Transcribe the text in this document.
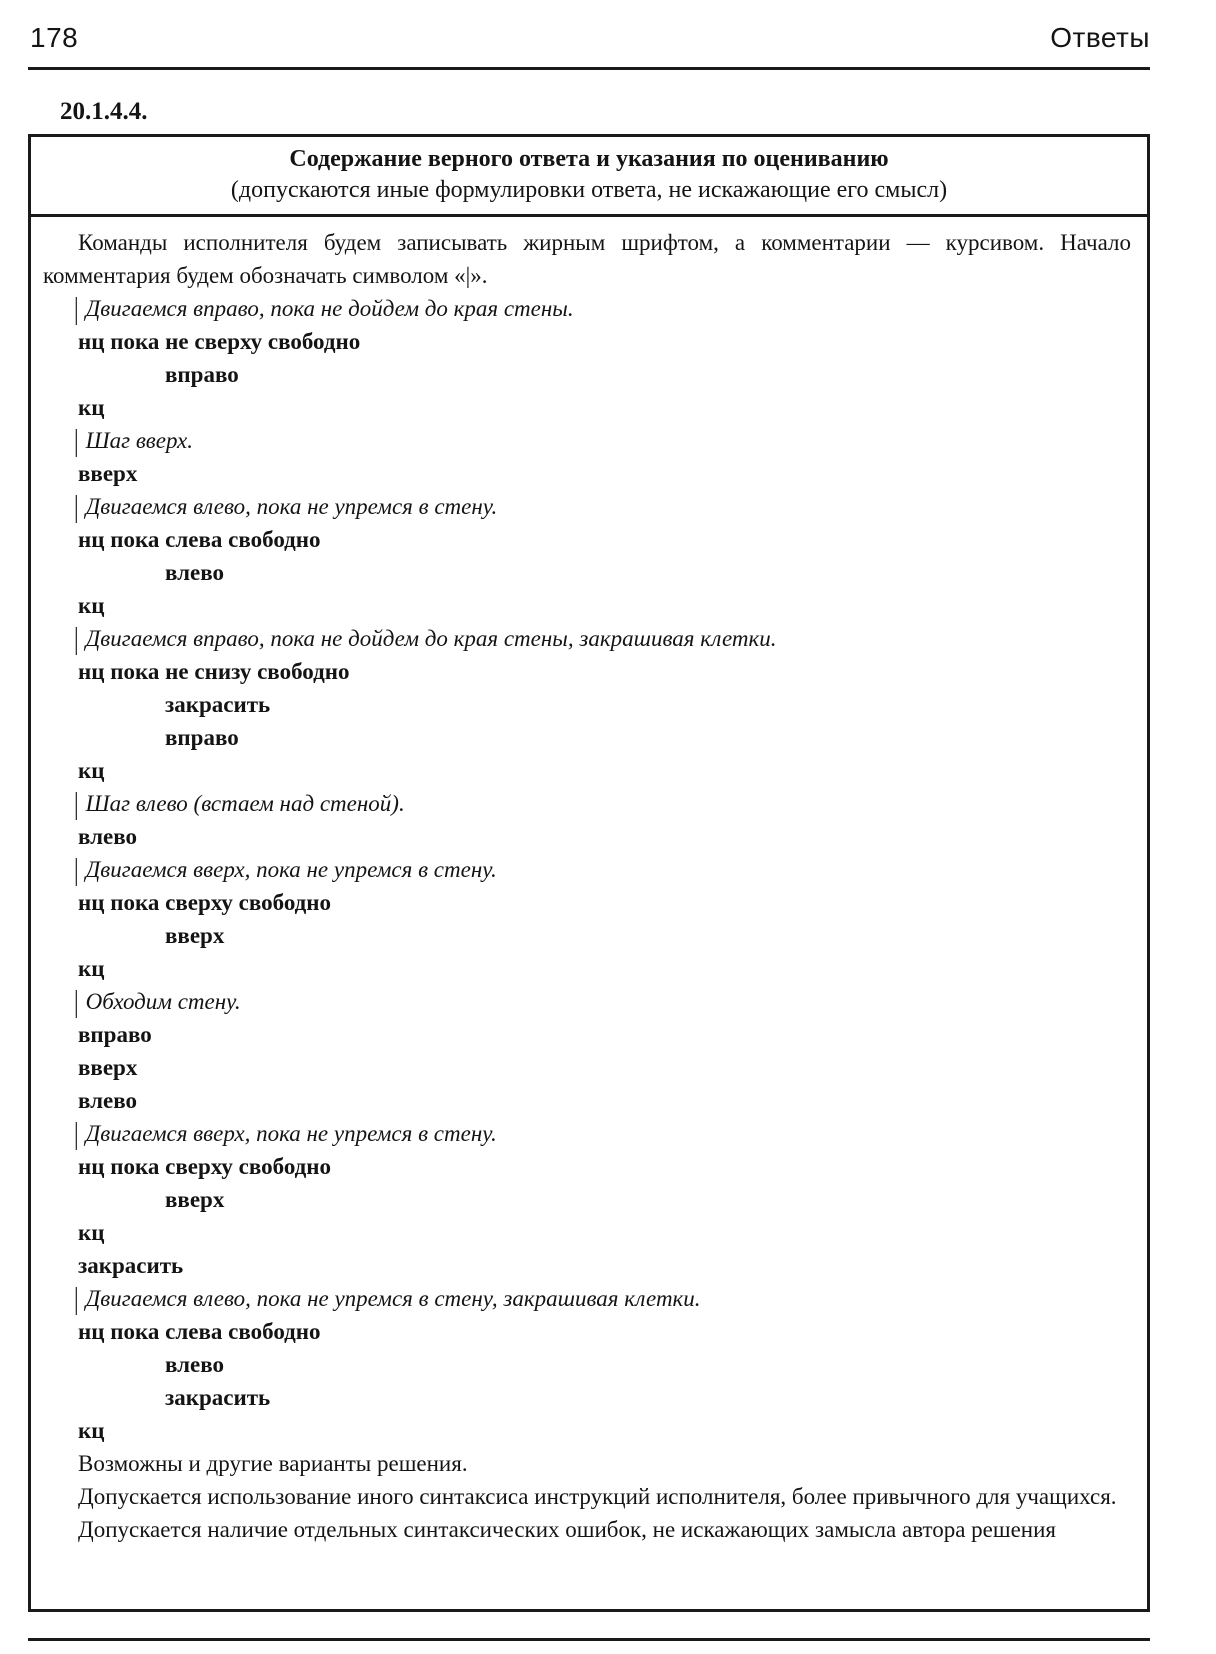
178	Ответы
20.1.4.4.
Содержание верного ответа и указания по оцениванию
(допускаются иные формулировки ответа, не искажающие его смысл)

Команды исполнителя будем записывать жирным шрифтом, а комментарии — курсивом. Начало комментария будем обозначать символом «|».

| Двигаемся вправо, пока не дойдем до края стены.
нц пока не сверху свободно
вправо
кц
| Шаг вверх.
вверх
| Двигаемся влево, пока не упремся в стену.
нц пока слева свободно
влево
кц
| Двигаемся вправо, пока не дойдем до края стены, закрашивая клетки.
нц пока не снизу свободно
закрасить
вправо
кц
| Шаг влево (встаем над стеной).
влево
| Двигаемся вверх, пока не упремся в стену.
нц пока сверху свободно
вверх
кц
| Обходим стену.
вправо
вверх
влево
| Двигаемся вверх, пока не упремся в стену.
нц пока сверху свободно
вверх
кц
закрасить
| Двигаемся влево, пока не упремся в стену, закрашивая клетки.
нц пока слева свободно
влево
закрасить
кц
Возможны и другие варианты решения.
Допускается использование иного синтаксиса инструкций исполнителя, более привычного для учащихся.
Допускается наличие отдельных синтаксических ошибок, не искажающих замысла автора решения
